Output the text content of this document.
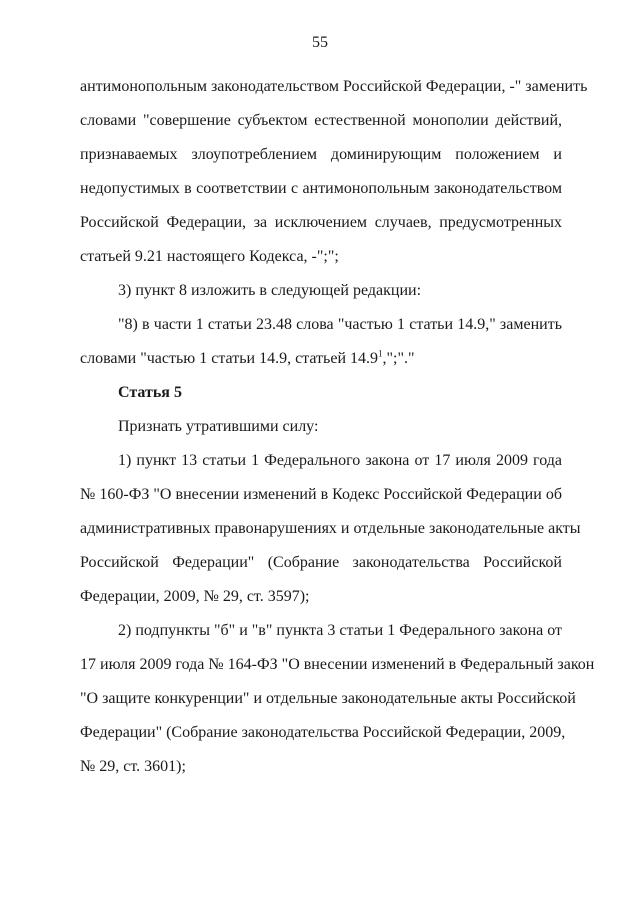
55
антимонопольным законодательством Российской Федерации, -" заменить
словами "совершение субъектом естественной монополии действий,
признаваемых злоупотреблением доминирующим положением и
недопустимых в соответствии с антимонопольным законодательством
Российской Федерации, за исключением случаев, предусмотренных
статьей 9.21 настоящего Кодекса, -";";
3) пункт 8 изложить в следующей редакции:
"8) в части 1 статьи 23.48 слова "частью 1 статьи 14.9," заменить
словами "частью 1 статьи 14.9, статьей 14.9$^1$,";"."
Статья 5
Признать утратившими силу:
1) пункт 13 статьи 1 Федерального закона от 17 июля 2009 года
№ 160-ФЗ "О внесении изменений в Кодекс Российской Федерации об
административных правонарушениях и отдельные законодательные акты
Российской Федерации" (Собрание законодательства Российской
Федерации, 2009, № 29, ст. 3597);
2) подпункты "б" и "в" пункта 3 статьи 1 Федерального закона от
17 июля 2009 года № 164-ФЗ "О внесении изменений в Федеральный закон
"О защите конкуренции" и отдельные законодательные акты Российской
Федерации" (Собрание законодательства Российской Федерации, 2009,
№ 29, ст. 3601);
